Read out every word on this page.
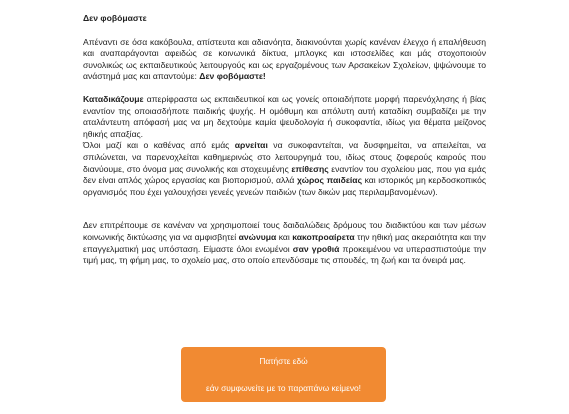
Δεν φοβόμαστε

Απέναντι σε όσα κακόβουλα, απίστευτα και αδιανόητα, διακινούνται χωρίς κανέναν έλεγχο ή επαλήθευση και αναπαράγονται αφειδώς σε κοινωνικά δίκτυα, μπλογκς και ιστοσελίδες και μάς στοχοποιούν συνολικώς ως εκπαιδευτικούς λειτουργούς και ως εργαζομένους των Αρσακείων Σχολείων, ψψώνουμε το ανάστημά μας και απαντούμε: Δεν φοβόμαστε!

Καταδικάζουμε απερίφραστα ως εκπαιδευτικοί και ως γονείς οποιαδήποτε μορφή παρενόχλησης ή βίας εναντίον της οποιασδήποτε παιδικής ψυχής. Η ομόθυμη και απόλυτη αυτή καταδίκη συμβαδίζει με την αταλάντευτη απόφασή μας να μη δεχτούμε καμία ψευδολογία ή συκοφαντία, ιδίως για θέματα μείζονος ηθικής απαξίας.

Όλοι μαζί και ο καθένας από εμάς αρνείται να συκοφαντείται, να δυσφημείται, να απειλείται, να σπιλώνεται, να παρενοχλείται καθημερινώς στο λειτουργημά του, ιδίως στους ζοφερούς καιρούς που διανύουμε, στο όνομα μας συνολικής και στοχευμένης επίθεσης εναντίον του σχολείου μας, που για εμάς δεν είναι απλός χώρος εργασίας και βιοπορισμού, αλλά χώρος παιδείας και ιστορικός μη κερδοσκοπικός οργανισμός που έχει γαλουχήσει γενεές γενεών παιδιών (των δικών μας περιλαμβανομένων).

Δεν επιτρέπουμε σε κανέναν να χρησιμοποιεί τους δαιδαλώδεις δρόμους του διαδικτύου και των μέσων κοινωνικής δικτύωσης για να αμφισβητεί ανώνυμα και κακοπροαίρετα την ηθική μας ακεραιότητα και την επαγγελματική μας υπόσταση. Είμαστε όλοι ενωμένοι σαν γροθιά προκειμένου να υπερασπιστούμε την τιμή μας, τη φήμη μας, το σχολείο μας, στο οποίο επενδύσαμε τις σπουδές, τη ζωή και τα όνειρά μας.

Πατήστε εδώ
εάν συμφωνείτε με το παραπάνω κείμενο!
